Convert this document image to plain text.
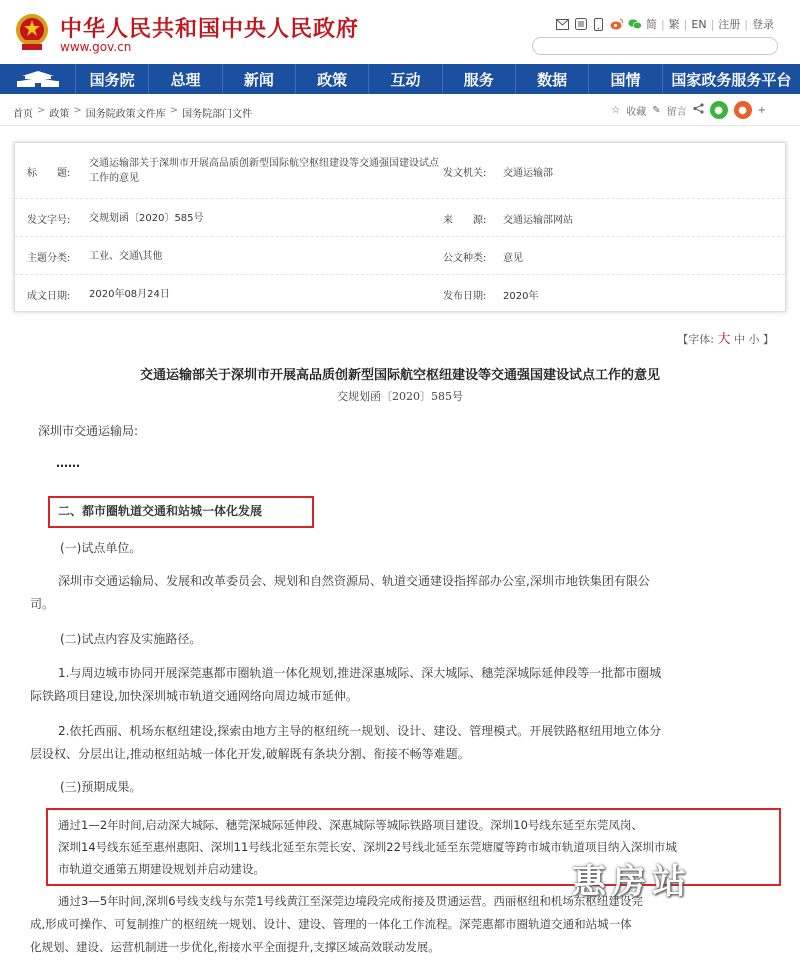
中华人民共和国中央人民政府
www.gov.cn
简 | 繁 | EN | 注册 | 登录
国务院	总理	新闻	政策	互动	服务	数据	国情	国家政务服务平台
首页 > 政策 > 国务院政策文件库 > 国务院部门文件	☆ 收藏 ✎ 留言	●	●	+
标　　题:
交通运输部关于深圳市开展高品质创新型国际航空枢纽建设等交通强国建设试点工作的意见	发文机关: 交通运输部
发文字号: 交规划函〔2020〕585号	来　　源: 交通运输部网站
主题分类: 工业、交通\其他	公文种类: 意见
成文日期: 2020年08月24日	发布日期: 2020年
【字体: 大 中 小 】
交通运输部关于深圳市开展高品质创新型国际航空枢纽建设等交通强国建设试点工作的意见
交规划函〔2020〕585号
深圳市交通运输局:
……
二、都市圈轨道交通和站城一体化发展
(一)试点单位。
深圳市交通运输局、发展和改革委员会、规划和自然资源局、轨道交通建设指挥部办公室,深圳市地铁集团有限公
司。
(二)试点内容及实施路径。
1.与周边城市协同开展深莞惠都市圈轨道一体化规划,推进深惠城际、深大城际、穗莞深城际延伸段等一批都市圈城
际铁路项目建设,加快深圳城市轨道交通网络向周边城市延伸。
2.依托西丽、机场东枢纽建设,探索由地方主导的枢纽统一规划、设计、建设、管理模式。开展铁路枢纽用地立体分
层设权、分层出让,推动枢纽站城一体化开发,破解既有条块分割、衔接不畅等难题。
(三)预期成果。
通过1—2年时间,启动深大城际、穗莞深城际延伸段、深惠城际等城际铁路项目建设。深圳10号线东延至东莞凤岗、
深圳14号线东延至惠州惠阳、深圳11号线北延至东莞长安、深圳22号线北延至东莞塘厦等跨市城市轨道项目纳入深圳市城
市轨道交通第五期建设规划并启动建设。
通过3—5年时间,深圳6号线支线与东莞1号线黄江至深莞边境段完成衔接及贯通运营。西丽枢纽和机场东枢纽建设完
成,形成可操作、可复制推广的枢纽统一规划、设计、建设、管理的一体化工作流程。深莞惠都市圈轨道交通和站城一体
化规划、建设、运营机制进一步优化,衔接水平全面提升,支撑区域高效联动发展。
惠房站
